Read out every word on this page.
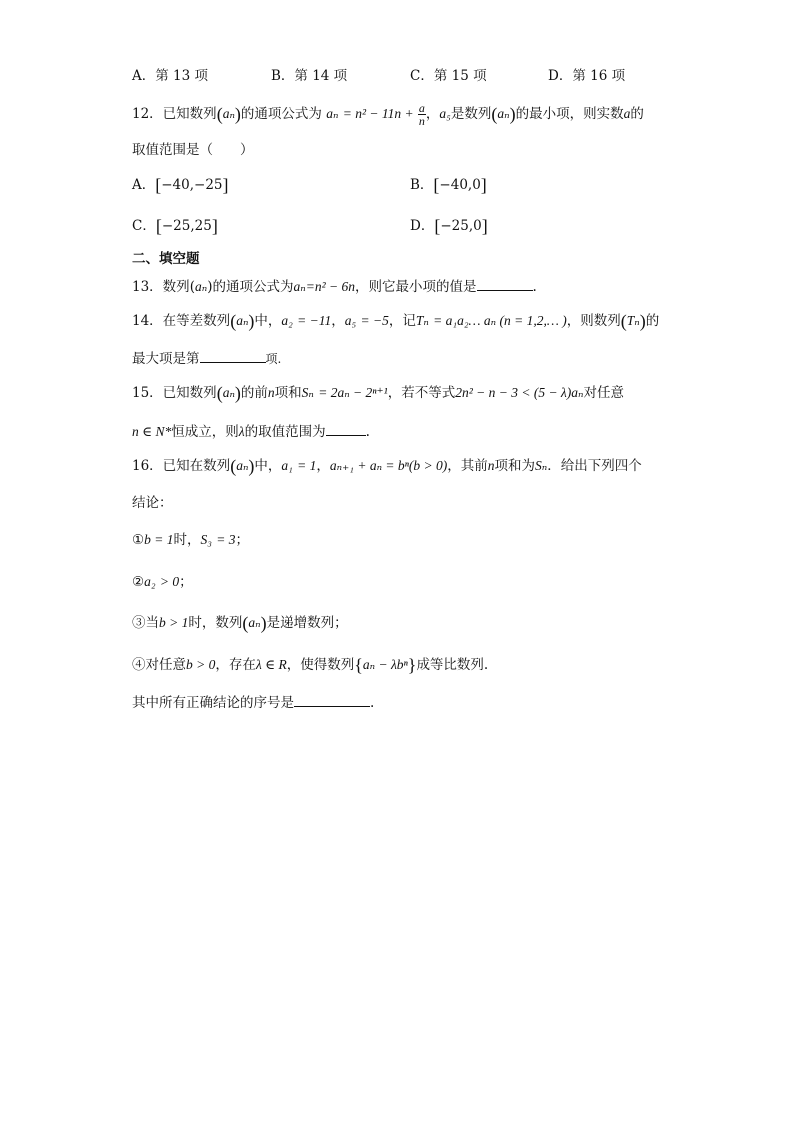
A．第 13 项	B．第 14 项	C．第 15 项	D．第 16 项
12．已知数列(aₙ)的通项公式为 $a_n = n^2 - 11n + \frac{a}{n}$ ，a₅是数列(aₙ)的最小项，则实数a的
取值范围是（　　）
A．[−40,−25]	B．[−40,0]
C．[−25,25]	D．[−25,0]
二、填空题
13．数列(aₙ)的通项公式为aₙ=n² − 6n，则它最小项的值是	.
14．在等差数列(aₙ)中，a₂ = −11，a₅ = −5，记Tₙ = a₁a₂… aₙ (n = 1,2,… )，则数列(Tₙ)的
最大项是第	项.
15．已知数列(aₙ)的前n项和Sₙ = 2aₙ − 2ⁿ⁺¹，若不等式2n² − n − 3 < (5 − λ)aₙ对任意
n ∈ N*恒成立，则λ的取值范围为	.
16．已知在数列(aₙ)中，a₁ = 1，aₙ₊₁ + aₙ = bⁿ(b > 0)，其前n项和为Sₙ．给出下列四个
结论：
①b = 1时，S₃ = 3；
②a₂ > 0；
③当b > 1时，数列(aₙ)是递增数列；
④对任意b > 0，存在λ ∈ R，使得数列{aₙ − λbⁿ}成等比数列.
其中所有正确结论的序号是	.
